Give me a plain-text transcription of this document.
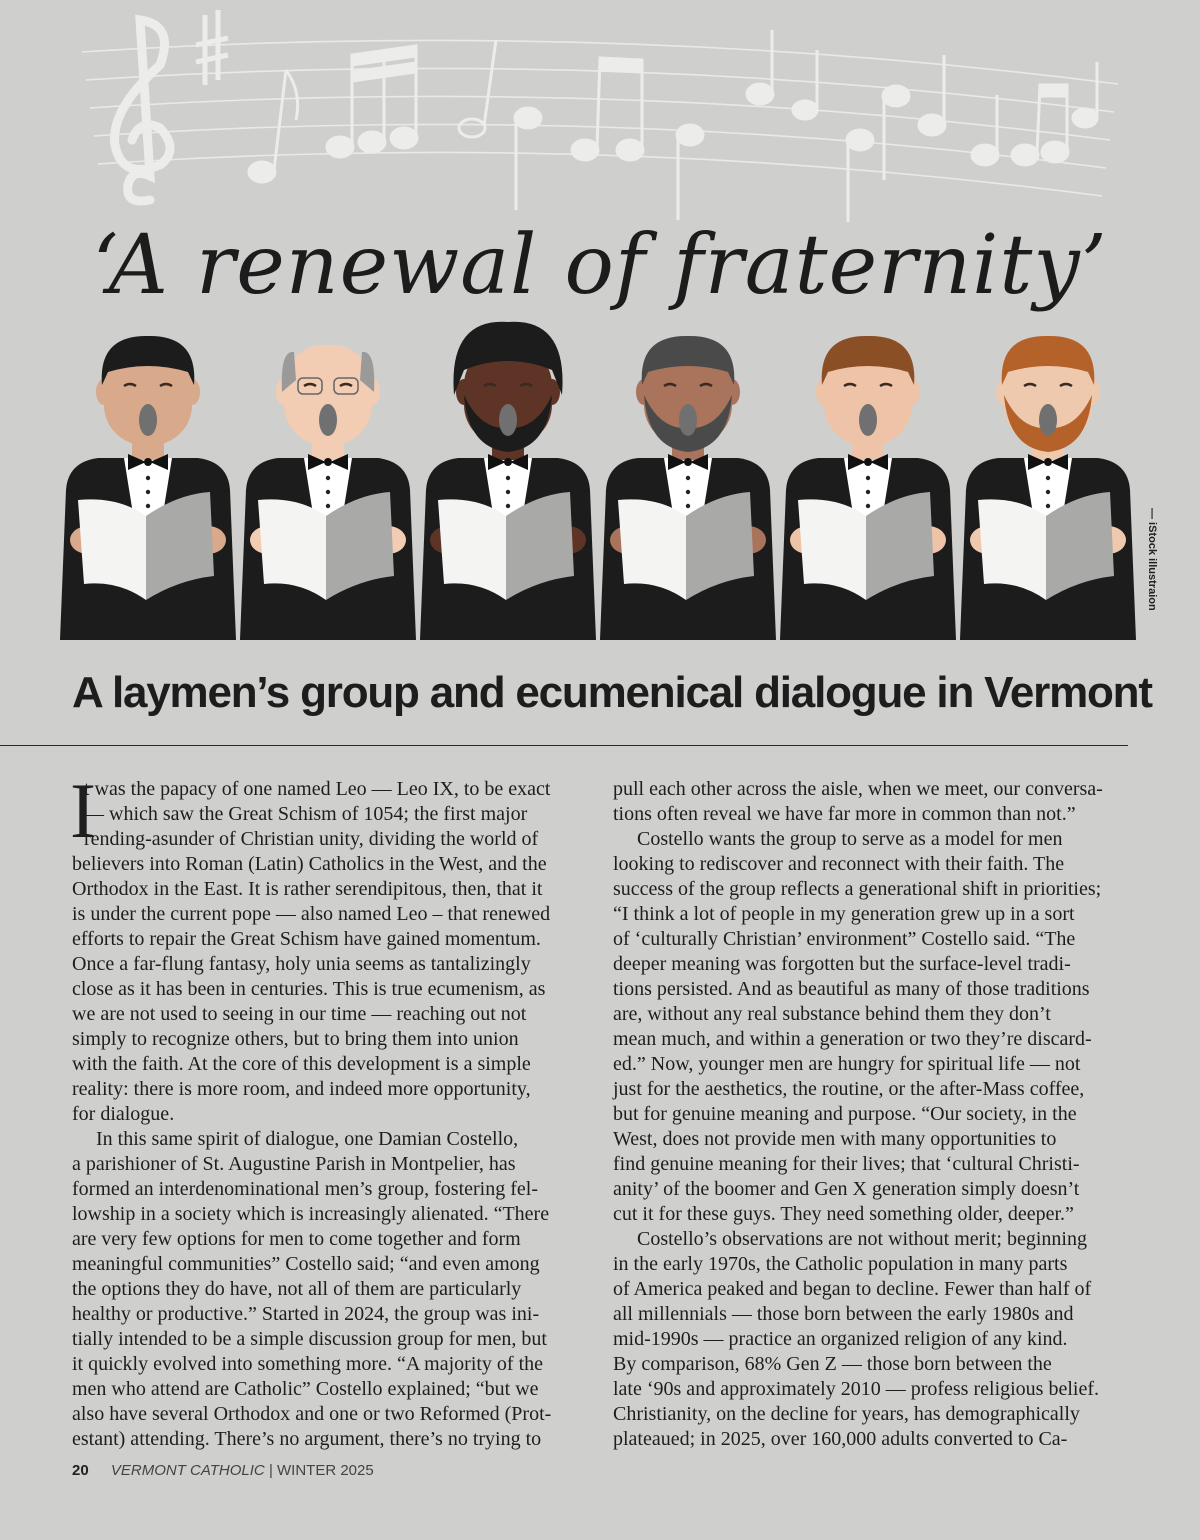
‘A renewal of fraternity’
— iStock illustraion
A laymen’s group and ecumenical dialogue in Vermont
I
t was the papacy of one named Leo — Leo IX, to be exact
— which saw the Great Schism of 1054; the first major
rending-asunder of Christian unity, dividing the world of
believers into Roman (Latin) Catholics in the West, and the
Orthodox in the East. It is rather serendipitous, then, that it
is under the current pope — also named Leo – that renewed
efforts to repair the Great Schism have gained momentum.
Once a far-flung fantasy, holy unia seems as tantalizingly
close as it has been in centuries. This is true ecumenism, as
we are not used to seeing in our time — reaching out not
simply to recognize others, but to bring them into union
with the faith. At the core of this development is a simple
reality: there is more room, and indeed more opportunity,
for dialogue.
In this same spirit of dialogue, one Damian Costello,
a parishioner of St. Augustine Parish in Montpelier, has
formed an interdenominational men’s group, fostering fel-
lowship in a society which is increasingly alienated. “There
are very few options for men to come together and form
meaningful communities” Costello said; “and even among
the options they do have, not all of them are particularly
healthy or productive.” Started in 2024, the group was ini-
tially intended to be a simple discussion group for men, but
it quickly evolved into something more. “A majority of the
men who attend are Catholic” Costello explained; “but we
also have several Orthodox and one or two Reformed (Prot-
estant) attending. There’s no argument, there’s no trying to
pull each other across the aisle, when we meet, our conversa-
tions often reveal we have far more in common than not.”
Costello wants the group to serve as a model for men
looking to rediscover and reconnect with their faith. The
success of the group reflects a generational shift in priorities;
“I think a lot of people in my generation grew up in a sort
of ‘culturally Christian’ environment” Costello said. “The
deeper meaning was forgotten but the surface-level tradi-
tions persisted. And as beautiful as many of those traditions
are, without any real substance behind them they don’t
mean much, and within a generation or two they’re discard-
ed.” Now, younger men are hungry for spiritual life — not
just for the aesthetics, the routine, or the after-Mass coffee,
but for genuine meaning and purpose. “Our society, in the
West, does not provide men with many opportunities to
find genuine meaning for their lives; that ‘cultural Christi-
anity’ of the boomer and Gen X generation simply doesn’t
cut it for these guys. They need something older, deeper.”
Costello’s observations are not without merit; beginning
in the early 1970s, the Catholic population in many parts
of America peaked and began to decline. Fewer than half of
all millennials — those born between the early 1980s and
mid-1990s — practice an organized religion of any kind.
By comparison, 68% Gen Z — those born between the
late ‘90s and approximately 2010 — profess religious belief.
Christianity, on the decline for years, has demographically
plateaued; in 2025, over 160,000 adults converted to Ca-
20 VERMONT CATHOLIC | WINTER 2025
